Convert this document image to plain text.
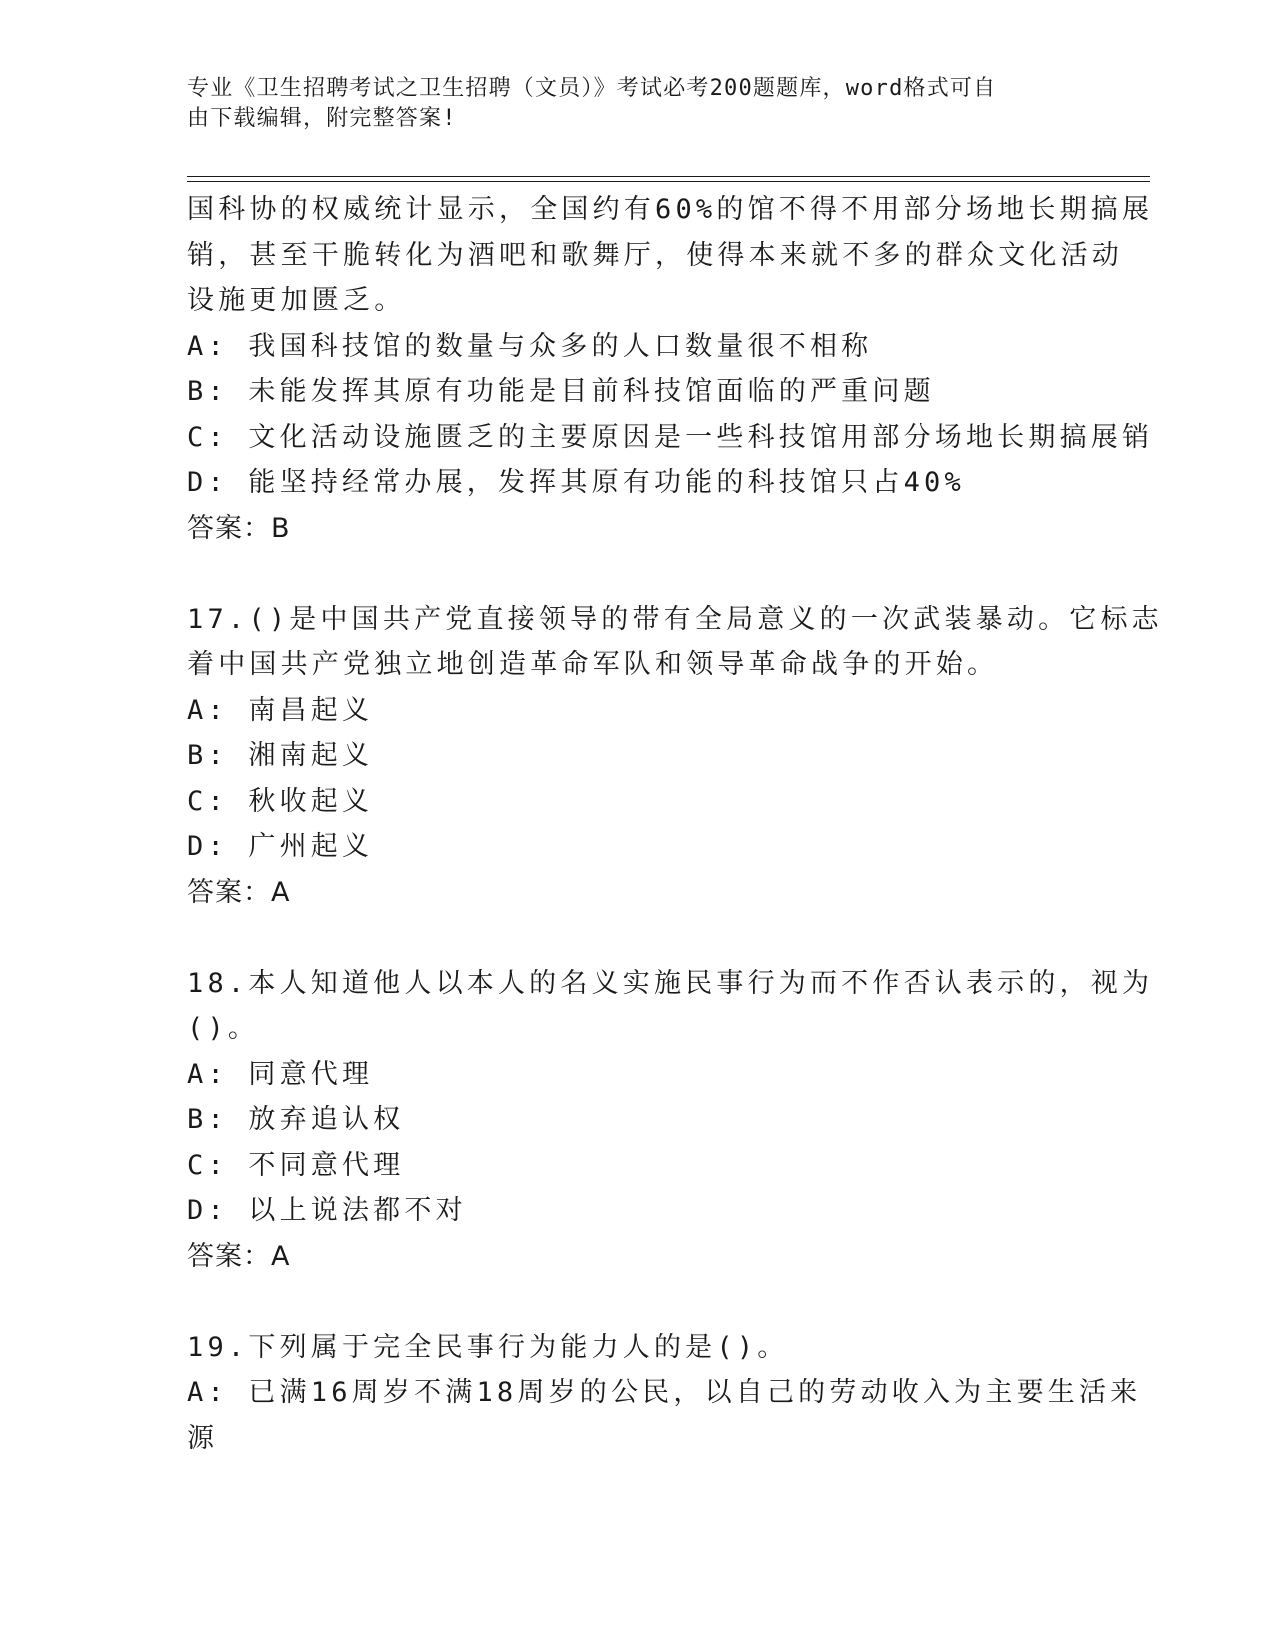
专业《卫生招聘考试之卫生招聘（文员）》考试必考200题题库，word格式可自
由下载编辑，附完整答案!
国科协的权威统计显示，全国约有60%的馆不得不用部分场地长期搞展
销，甚至干脆转化为酒吧和歌舞厅，使得本来就不多的群众文化活动
设施更加匮乏。
A: 我国科技馆的数量与众多的人口数量很不相称
B: 未能发挥其原有功能是目前科技馆面临的严重问题
C: 文化活动设施匮乏的主要原因是一些科技馆用部分场地长期搞展销
D: 能坚持经常办展，发挥其原有功能的科技馆只占40%
答案：B
17.()是中国共产党直接领导的带有全局意义的一次武装暴动。它标志
着中国共产党独立地创造革命军队和领导革命战争的开始。
A: 南昌起义
B: 湘南起义
C: 秋收起义
D: 广州起义
答案：A
18.本人知道他人以本人的名义实施民事行为而不作否认表示的，视为
()。
A: 同意代理
B: 放弃追认权
C: 不同意代理
D: 以上说法都不对
答案：A
19.下列属于完全民事行为能力人的是()。
A: 已满16周岁不满18周岁的公民，以自己的劳动收入为主要生活来
源
